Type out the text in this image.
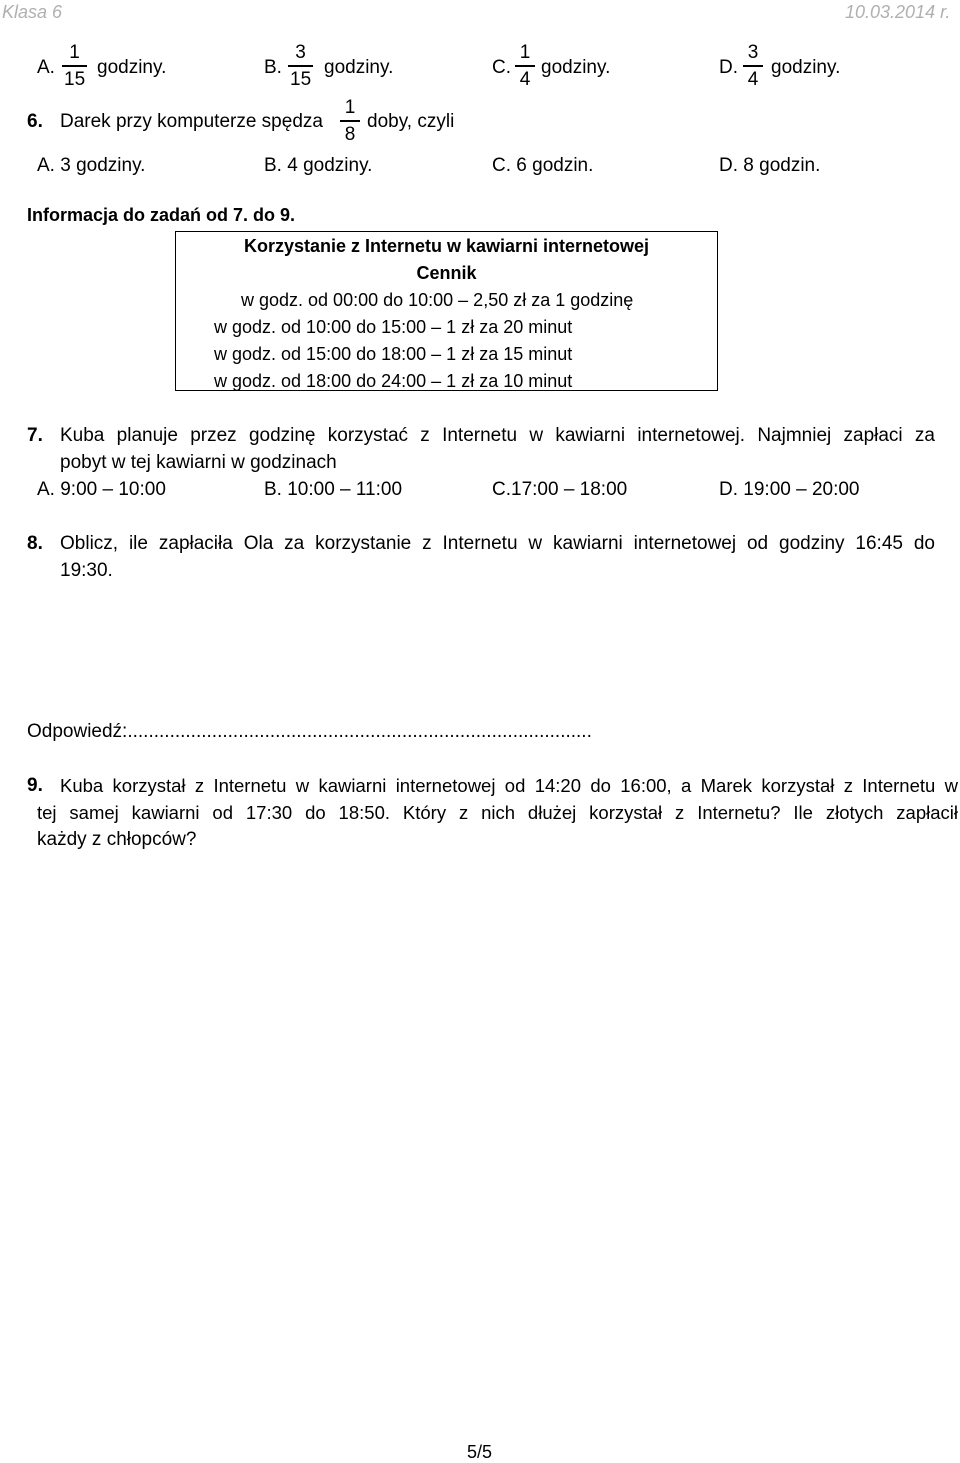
Klasa 6	10.03.2014 r.
A.
1
15
godziny.	B.
3
15
godziny.	C.
1
4
godziny.	D.
3
4
godziny.
6. Darek przy komputerze spędza
1
8
doby, czyli
A. 3 godziny.	B. 4 godziny.	C. 6 godzin.	D. 8 godzin.
Informacja do zadań od 7. do 9.
Korzystanie z Internetu w kawiarni internetowej
Cennik
w godz. od 00:00 do 10:00 – 2,50 zł za 1 godzinę
w godz. od 10:00 do 15:00 – 1 zł za 20 minut
w godz. od 15:00 do 18:00 – 1 zł za 15 minut
w godz. od 18:00 do 24:00 – 1 zł za 10 minut
7. Kuba planuje przez godzinę korzystać z Internetu w kawiarni internetowej. Najmniej zapłaci za
pobyt w tej kawiarni w godzinach
A. 9:00 – 10:00	B. 10:00 – 11:00	C.17:00 – 18:00	D. 19:00 – 20:00
8. Oblicz, ile zapłaciła Ola za korzystanie z Internetu w kawiarni internetowej od godziny 16:45 do
19:30.
Odpowiedź:........................................................................................
9. Kuba korzystał z Internetu w kawiarni internetowej od 14:20 do 16:00, a Marek korzystał z Internetu w
tej samej kawiarni od 17:30 do 18:50. Który z nich dłużej korzystał z Internetu? Ile złotych zapłacił
każdy z chłopców?
5/5
